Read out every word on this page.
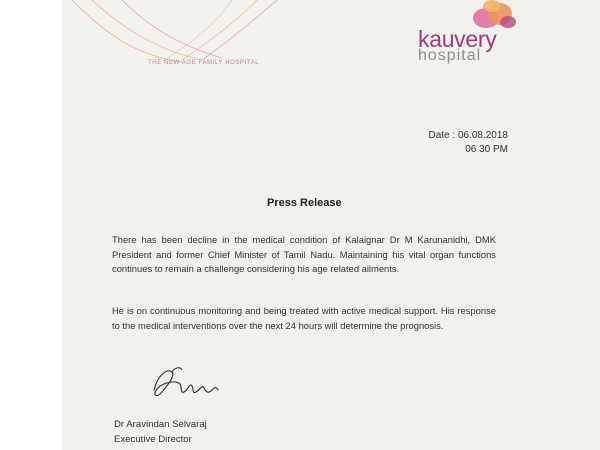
THE NEW AGE FAMILY HOSPITAL
kauvery
hospital
Date : 06.08.2018
06 30 PM
Press Release
There has been decline in the medical condition of Kalaignar Dr M Karunanidhi, DMK President and former Chief Minister of Tamil Nadu. Maintaining his vital organ functions continues to remain a challenge considering his age related ailments.
He is on continuous monitoring and being treated with active medical support. His response to the medical interventions over the next 24 hours will determine the prognosis.
Dr Aravindan Selvaraj
Executive Director
